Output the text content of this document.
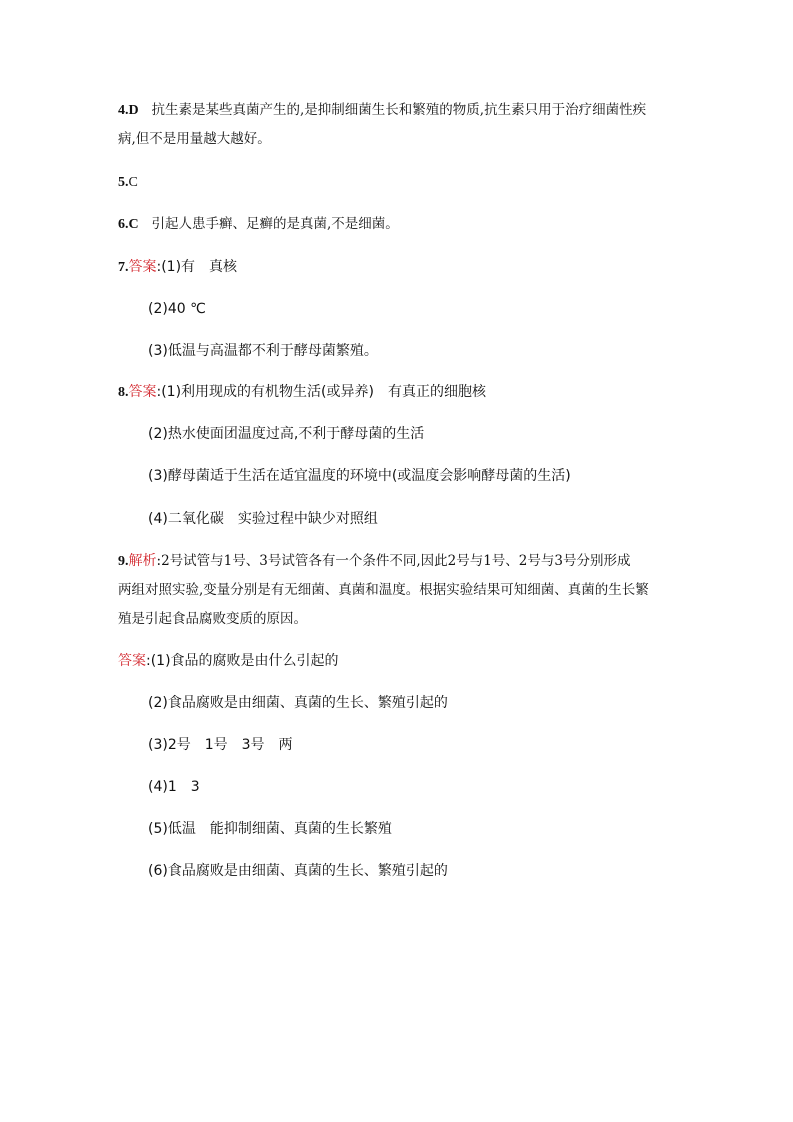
4.D 抗生素是某些真菌产生的,是抑制细菌生长和繁殖的物质,抗生素只用于治疗细菌性疾
病,但不是用量越大越好。
5.C
6.C 引起人患手癣、足癣的是真菌,不是细菌。
7.答案:(1)有　真核
(2)40 ℃
(3)低温与高温都不利于酵母菌繁殖。
8.答案:(1)利用现成的有机物生活(或异养)　有真正的细胞核
(2)热水使面团温度过高,不利于酵母菌的生活
(3)酵母菌适于生活在适宜温度的环境中(或温度会影响酵母菌的生活)
(4)二氧化碳　实验过程中缺少对照组
9.解析:2号试管与1号、3号试管各有一个条件不同,因此2号与1号、2号与3号分别形成
两组对照实验,变量分别是有无细菌、真菌和温度。根据实验结果可知细菌、真菌的生长繁
殖是引起食品腐败变质的原因。
答案:(1)食品的腐败是由什么引起的
(2)食品腐败是由细菌、真菌的生长、繁殖引起的
(3)2号　1号　3号　两
(4)1　3
(5)低温　能抑制细菌、真菌的生长繁殖
(6)食品腐败是由细菌、真菌的生长、繁殖引起的
